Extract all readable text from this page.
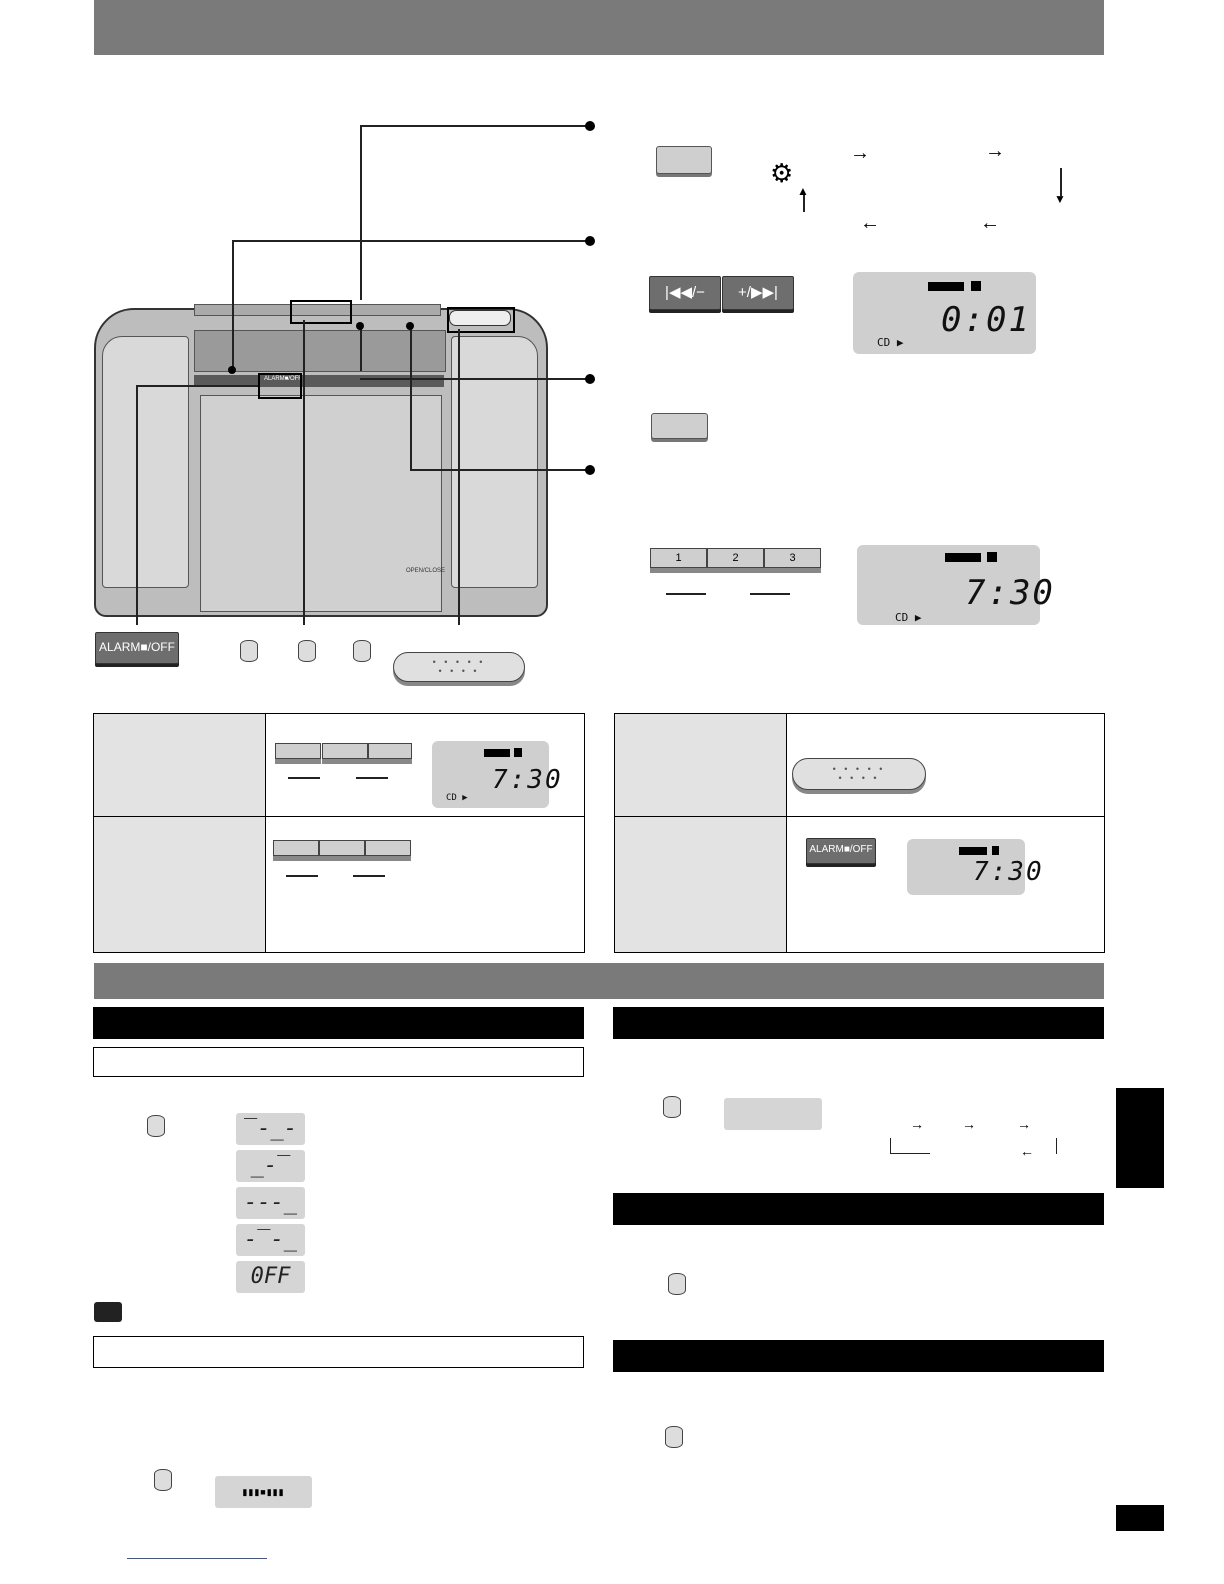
ALARM■/OFF
OPEN/CLOSE
ALARM■/OFF
• • • • •
• • • •
⚙
▲
→	→
▼
←	←
|◀◀/−	+/▶▶|
0:01
CD ▶
1	2	3
7:30
CD ▶
7:30
CD ▶
• • • • •
• • • •
ALARM■/OFF
7:30
‾-_-
_-‾
---_
-‾-_
0FF
▮▮▮■▮▮▮
→	→	→
←
